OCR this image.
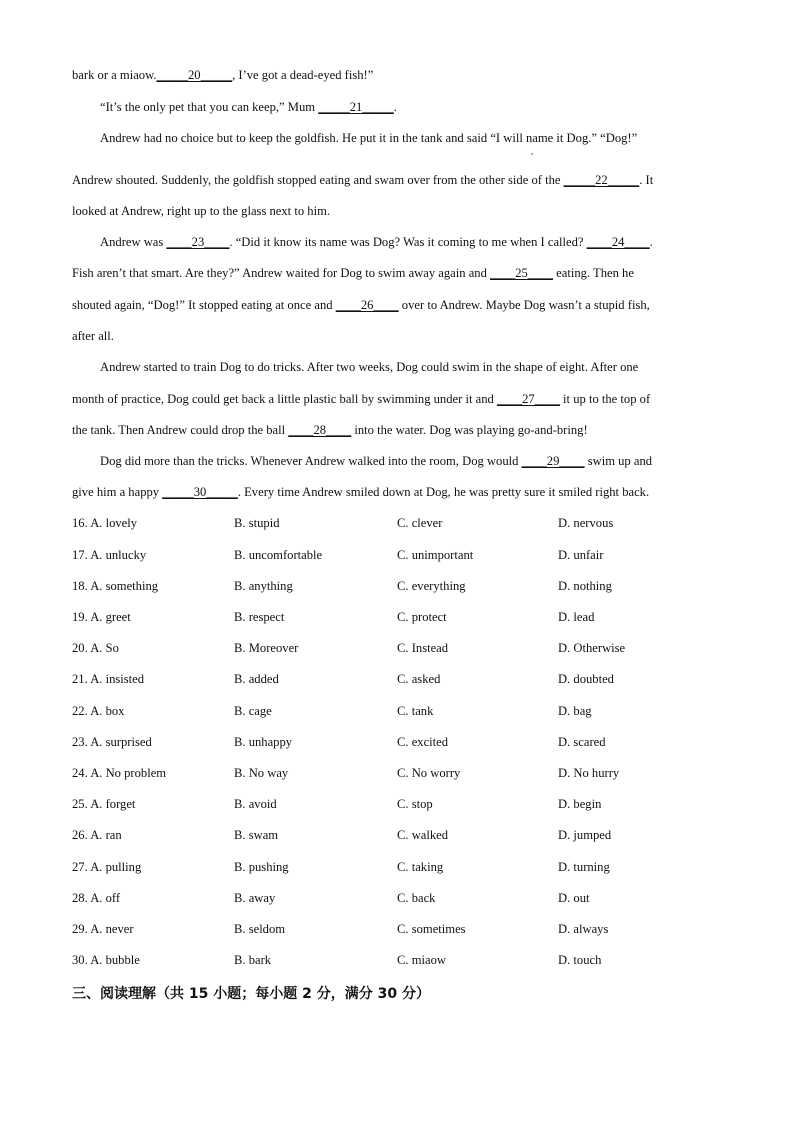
bark or a miaow._____20_____, I’ve got a dead-eyed fish!”
“It’s the only pet that you can keep,” Mum _____21_____.
Andrew had no choice but to keep the goldfish. He put it in the tank and said “I will name it Dog.” “Dog!”
,
Andrew shouted. Suddenly, the goldfish stopped eating and swam over from the other side of the _____22_____. It
looked at Andrew, right up to the glass next to him.
Andrew was ____23____. “Did it know its name was Dog? Was it coming to me when I called? ____24____.
Fish aren’t that smart. Are they?” Andrew waited for Dog to swim away again and ____25____ eating. Then he
shouted again, “Dog!” It stopped eating at once and ____26____ over to Andrew. Maybe Dog wasn’t a stupid fish,
after all.
Andrew started to train Dog to do tricks. After two weeks, Dog could swim in the shape of eight. After one
month of practice, Dog could get back a little plastic ball by swimming under it and ____27____ it up to the top of
the tank. Then Andrew could drop the ball ____28____ into the water. Dog was playing go-and-bring!
Dog did more than the tricks. Whenever Andrew walked into the room, Dog would ____29____ swim up and
give him a happy _____30_____. Every time Andrew smiled down at Dog, he was pretty sure it smiled right back.
16. A. lovely	B. stupid	C. clever	D. nervous
17. A. unlucky	B. uncomfortable	C. unimportant	D. unfair
18. A. something	B. anything	C. everything	D. nothing
19. A. greet	B. respect	C. protect	D. lead
20. A. So	B. Moreover	C. Instead	D. Otherwise
21. A. insisted	B. added	C. asked	D. doubted
22. A. box	B. cage	C. tank	D. bag
23. A. surprised	B. unhappy	C. excited	D. scared
24. A. No problem	B. No way	C. No worry	D. No hurry
25. A. forget	B. avoid	C. stop	D. begin
26. A. ran	B. swam	C. walked	D. jumped
27. A. pulling	B. pushing	C. taking	D. turning
28. A. off	B. away	C. back	D. out
29. A. never	B. seldom	C. sometimes	D. always
30. A. bubble	B. bark	C. miaow	D. touch
三、阅读理解（共 15 小题；每小题 2 分，满分 30 分）
